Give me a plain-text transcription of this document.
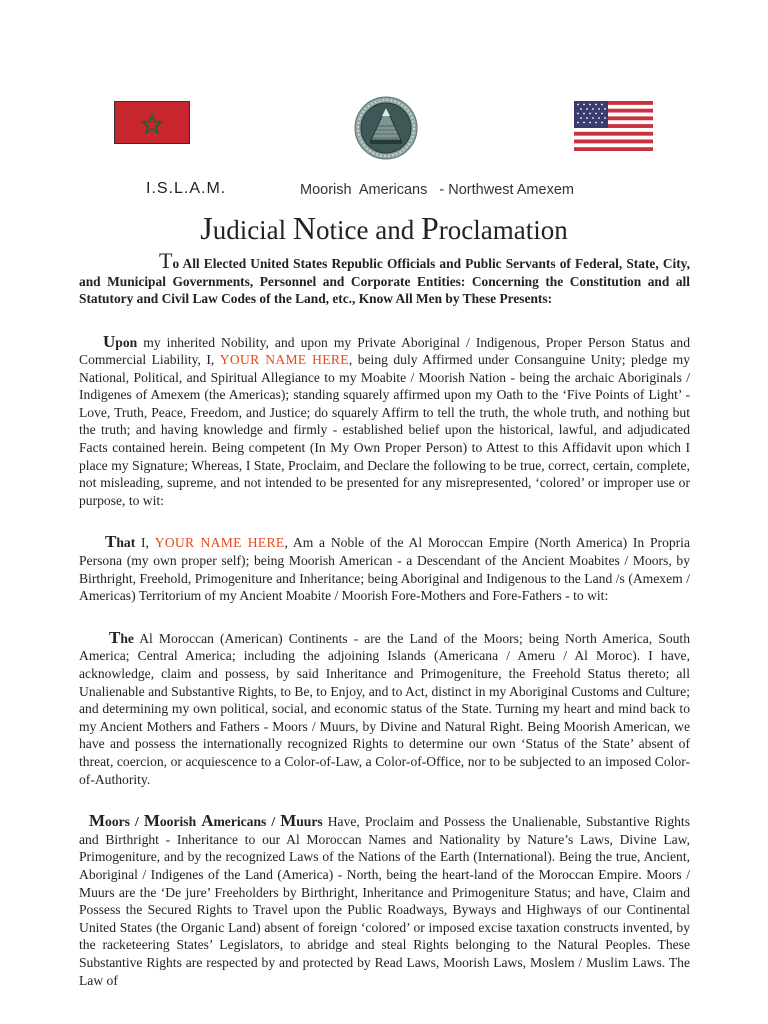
I.S.L.A.M.	Moorish  Americans   - Northwest Amexem
Judicial Notice and Proclamation

To All Elected United States Republic Officials and Public Servants of Federal, State, City, and Municipal Governments, Personnel and Corporate Entities: Concerning the Constitution and all Statutory and Civil Law Codes of the Land, etc., Know All Men by These Presents:

Upon my inherited Nobility, and upon my Private Aboriginal / Indigenous, Proper Person Status and Commercial Liability, I, YOUR NAME HERE, being duly Affirmed under Consanguine Unity; pledge my National, Political, and Spiritual Allegiance to my Moabite / Moorish Nation - being the archaic Aboriginals / Indigenes of Amexem (the Americas); standing squarely affirmed upon my Oath to the ‘Five Points of Light’ - Love, Truth, Peace, Freedom, and Justice; do squarely Affirm to tell the truth, the whole truth, and nothing but the truth; and having knowledge and firmly - established belief upon the historical, lawful, and adjudicated Facts contained herein. Being competent (In My Own Proper Person) to Attest to this Affidavit upon which I place my Signature; Whereas, I State, Proclaim, and Declare the following to be true, correct, certain, complete, not misleading, supreme, and not intended to be presented for any misrepresented, ‘colored’ or improper use or purpose, to wit:

That I, YOUR NAME HERE, Am a Noble of the Al Moroccan Empire (North America) In Propria Persona (my own proper self); being Moorish American - a Descendant of the Ancient Moabites / Moors, by Birthright, Freehold, Primogeniture and Inheritance; being Aboriginal and Indigenous to the Land /s (Amexem / Americas) Territorium of my Ancient Moabite / Moorish Fore-Mothers and Fore-Fathers - to wit:

The Al Moroccan (American) Continents - are the Land of the Moors; being North America, South America; Central America; including the adjoining Islands (Americana / Ameru / Al Moroc). I have, acknowledge, claim and possess, by said Inheritance and Primogeniture, the Freehold Status thereto; all Unalienable and Substantive Rights, to Be, to Enjoy, and to Act, distinct in my Aboriginal Customs and Culture; and determining my own political, social, and economic status of the State. Turning my heart and mind back to my Ancient Mothers and Fathers - Moors / Muurs, by Divine and Natural Right. Being Moorish American, we have and possess the internationally recognized Rights to determine our own ‘Status of the State’ absent of threat, coercion, or acquiescence to a Color-of-Law, a Color-of-Office, nor to be subjected to an imposed Color-of-Authority.

Moors / Moorish Americans / Muurs Have, Proclaim and Possess the Unalienable, Substantive Rights and Birthright - Inheritance to our Al Moroccan Names and Nationality by Nature’s Laws, Divine Law, Primogeniture, and by the recognized Laws of the Nations of the Earth (International). Being the true, Ancient, Aboriginal / Indigenes of the Land (America) - North, being the heart-land of the Moroccan Empire. Moors / Muurs are the ‘De jure’ Freeholders by Birthright, Inheritance and Primogeniture Status; and have, Claim and Possess the Secured Rights to Travel upon the Public Roadways, Byways and Highways of our Continental United States (the Organic Land) absent of foreign ‘colored’ or imposed excise taxation constructs invented, by the racketeering States’ Legislators, to abridge and steal Rights belonging to the Natural Peoples. These Substantive Rights are respected by and protected by Read Laws, Moorish Laws, Moslem / Muslim Laws. The Law of
